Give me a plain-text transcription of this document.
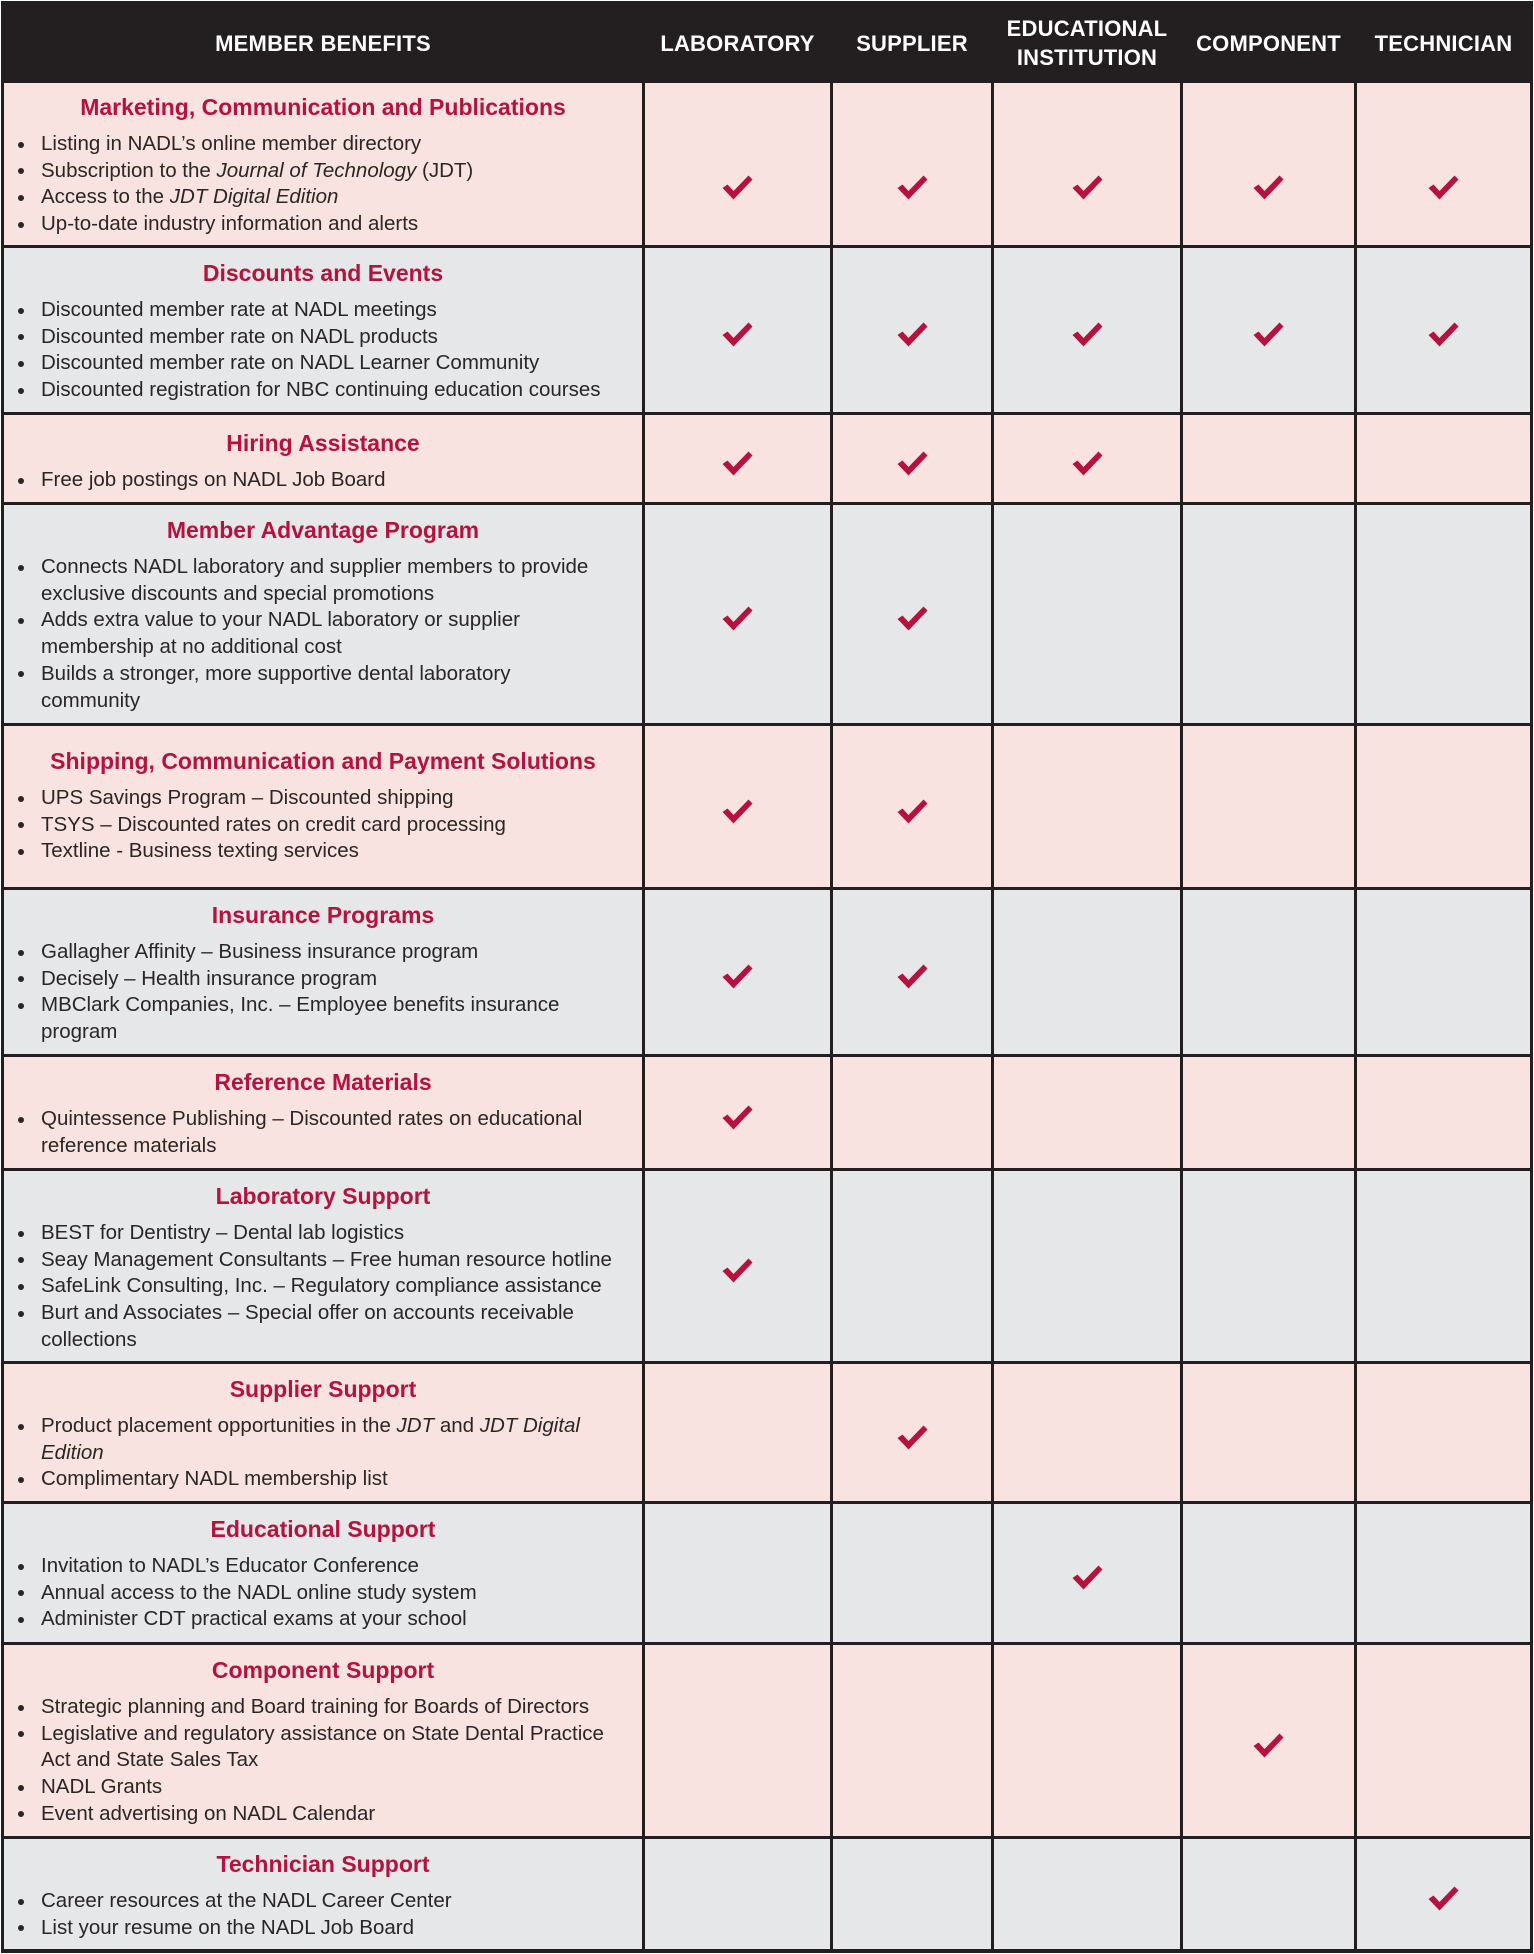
MEMBER BENEFITS	LABORATORY SUPPLIER
EDUCATIONAL INSTITUTION
COMPONENT TECHNICIAN
Marketing, Communication and Publications
Listing in NADL’s online member directory
Subscription to the Journal of Technology (JDT)
Access to the JDT Digital Edition
Up-to-date industry information and alerts
Discounts and Events
Discounted member rate at NADL meetings
Discounted member rate on NADL products
Discounted member rate on NADL Learner Community
Discounted registration for NBC continuing education courses
Hiring Assistance
Free job postings on NADL Job Board
Member Advantage Program
Connects NADL laboratory and supplier members to provide
exclusive discounts and special promotions
Adds extra value to your NADL laboratory or supplier
membership at no additional cost
Builds a stronger, more supportive dental laboratory
community
Shipping, Communication and Payment Solutions
UPS Savings Program – Discounted shipping
TSYS – Discounted rates on credit card processing
Textline - Business texting services
Insurance Programs
Gallagher Affinity – Business insurance program
Decisely – Health insurance program
MBClark Companies, Inc. – Employee benefits insurance
program
Reference Materials
Quintessence Publishing – Discounted rates on educational
reference materials
Laboratory Support
BEST for Dentistry – Dental lab logistics
Seay Management Consultants – Free human resource hotline
SafeLink Consulting, Inc. – Regulatory compliance assistance
Burt and Associates – Special offer on accounts receivable
collections
Supplier Support
Product placement opportunities in the JDT and JDT Digital
Edition
Complimentary NADL membership list
Educational Support
Invitation to NADL’s Educator Conference
Annual access to the NADL online study system
Administer CDT practical exams at your school
Component Support
Strategic planning and Board training for Boards of Directors
Legislative and regulatory assistance on State Dental Practice
Act and State Sales Tax
NADL Grants
Event advertising on NADL Calendar
Technician Support
Career resources at the NADL Career Center
List your resume on the NADL Job Board
